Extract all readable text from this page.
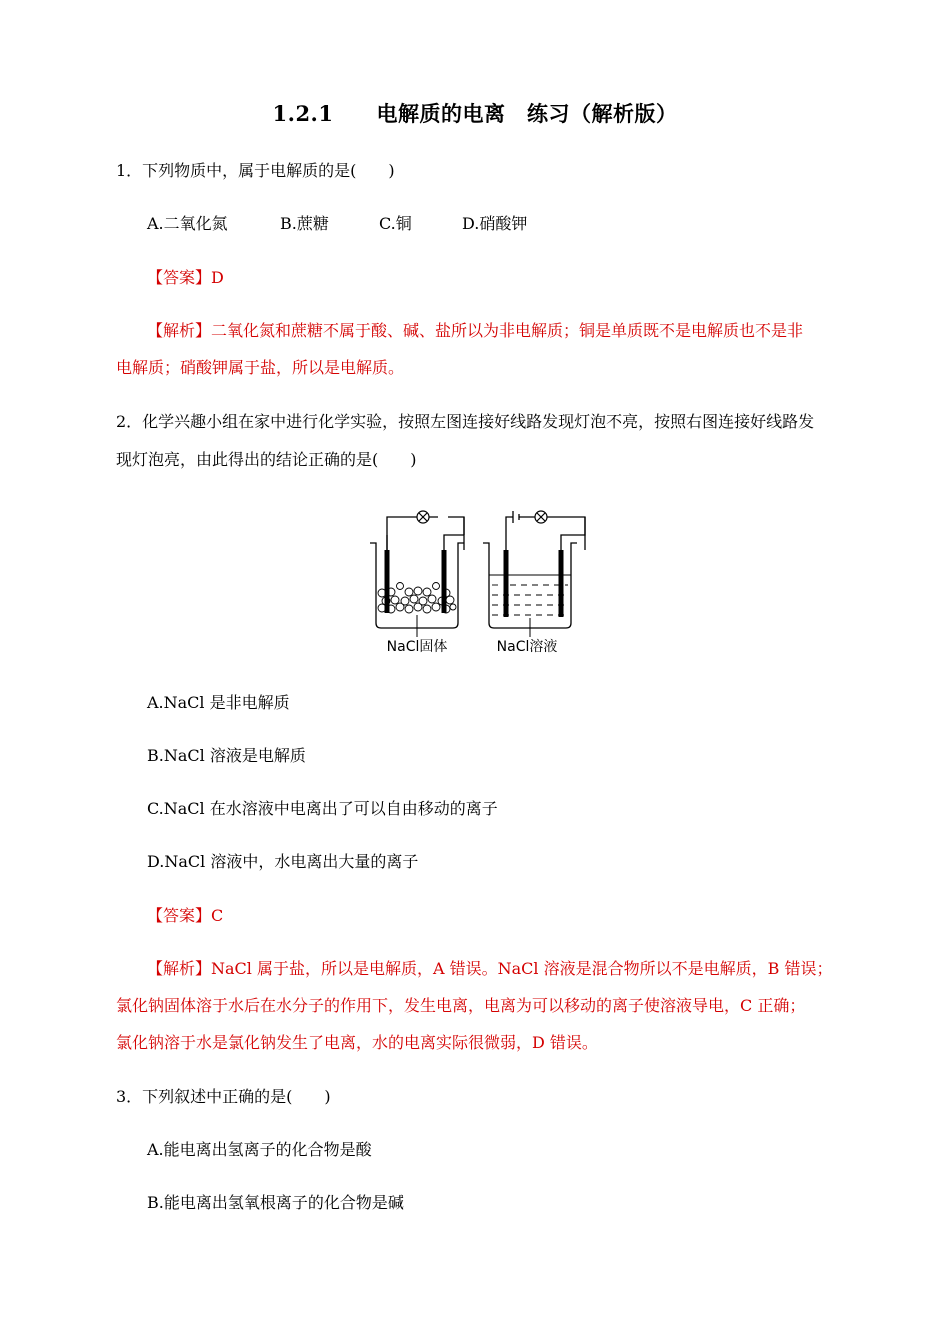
1.2.1　　电解质的电离　练习（解析版）
1．下列物质中，属于电解质的是(　　)
A.二氧化氮	B.蔗糖	C.铜	D.硝酸钾
【答案】D
【解析】二氧化氮和蔗糖不属于酸、碱、盐所以为非电解质；铜是单质既不是电解质也不是非
电解质；硝酸钾属于盐，所以是电解质。
2．化学兴趣小组在家中进行化学实验，按照左图连接好线路发现灯泡不亮，按照右图连接好线路发
现灯泡亮，由此得出的结论正确的是(　　)
NaCl固体	NaCl溶液
A.NaCl 是非电解质
B.NaCl 溶液是电解质
C.NaCl 在水溶液中电离出了可以自由移动的离子
D.NaCl 溶液中，水电离出大量的离子
【答案】C
【解析】NaCl 属于盐，所以是电解质，A 错误。NaCl 溶液是混合物所以不是电解质，B 错误；
氯化钠固体溶于水后在水分子的作用下，发生电离，电离为可以移动的离子使溶液导电，C 正确；
氯化钠溶于水是氯化钠发生了电离，水的电离实际很微弱，D 错误。
3．下列叙述中正确的是(　　)
A.能电离出氢离子的化合物是酸
B.能电离出氢氧根离子的化合物是碱
